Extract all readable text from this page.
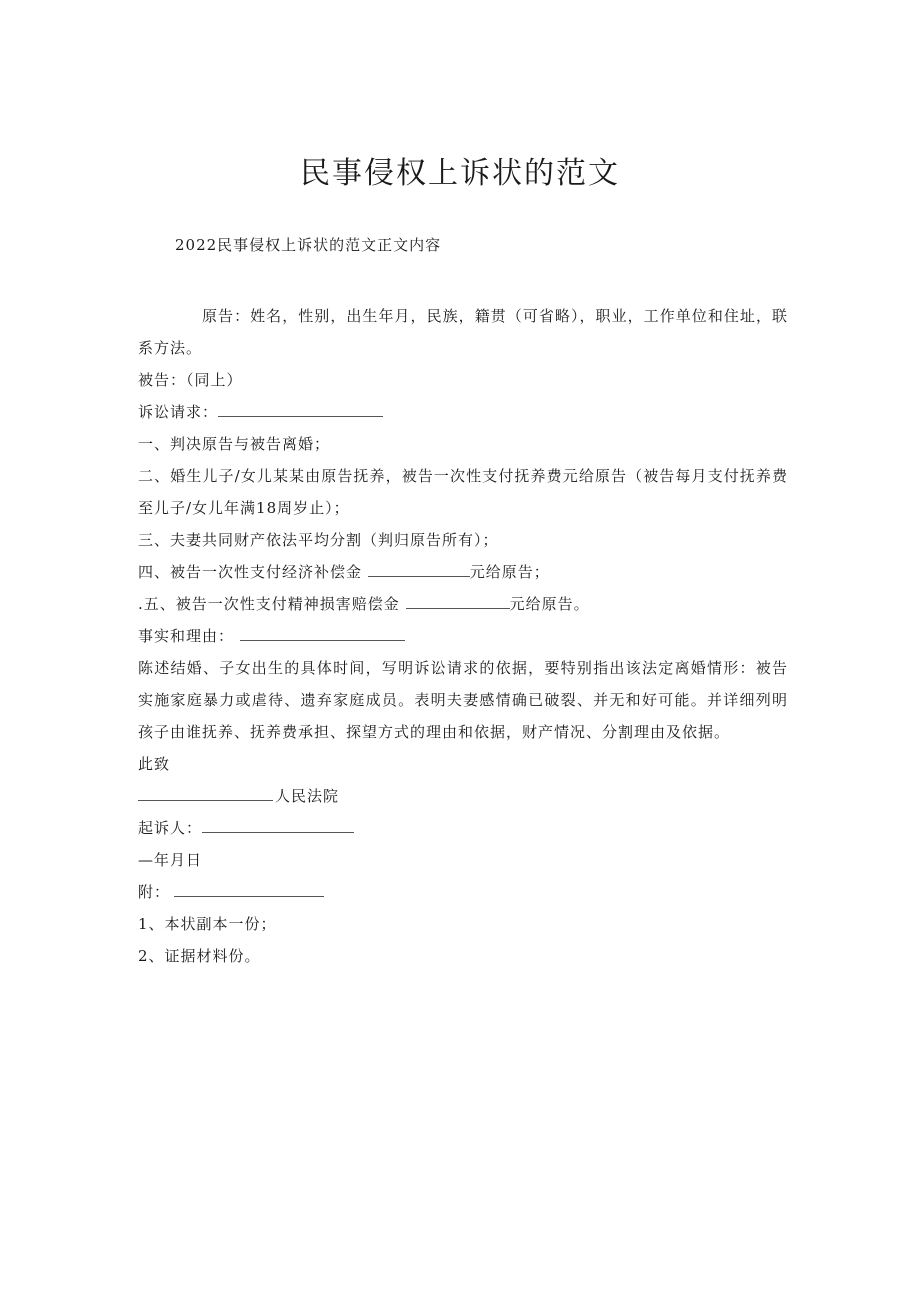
民事侵权上诉状的范文
2022民事侵权上诉状的范文正文内容
原告：姓名，性别，出生年月，民族，籍贯（可省略），职业，工作单位和住址，联系方法。
被告：（同上）
诉讼请求：
一、判决原告与被告离婚；
二、婚生儿子/女儿某某由原告抚养，被告一次性支付抚养费元给原告（被告每月支付抚养费至儿子/女儿年满18周岁止）；
三、夫妻共同财产依法平均分割（判归原告所有）；
四、被告一次性支付经济补偿金	元给原告；
.五、被告一次性支付精神损害赔偿金	元给原告。
事实和理由：
陈述结婚、子女出生的具体时间，写明诉讼请求的依据，要特别指出该法定离婚情形：被告实施家庭暴力或虐待、遗弃家庭成员。表明夫妻感情确已破裂、并无和好可能。并详细列明孩子由谁抚养、抚养费承担、探望方式的理由和依据，财产情况、分割理由及依据。
此致
人民法院
起诉人：
—年月日
附：
1、本状副本一份；
2、证据材料份。
